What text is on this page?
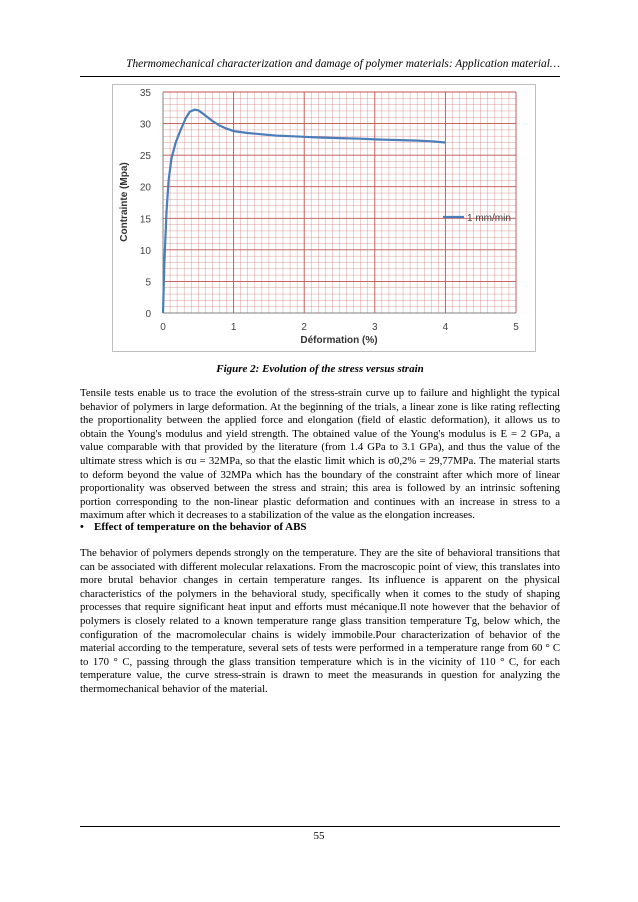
Thermomechanical characterization and damage of polymer materials: Application material…
0	1	2	3	4	5
0
5
10
15
20
25
30
35
1 mm/min
Contrainte (Mpa)
Déformation (%)
Figure 2: Evolution of the stress versus strain
Tensile tests enable us to trace the evolution of the stress-strain curve up to failure and highlight the typical behavior of polymers in large deformation. At the beginning of the trials, a linear zone is like rating reflecting the proportionality between the applied force and elongation (field of elastic deformation), it allows us to obtain the Young's modulus and yield strength. The obtained value of the Young's modulus is E = 2 GPa, a value comparable with that provided by the literature (from 1.4 GPa to 3.1 GPa), and thus the value of the ultimate stress which is σu = 32MPa, so that the elastic limit which is σ0,2% = 29,77MPa. The material starts to deform beyond the value of 32MPa which has the boundary of the constraint after which more of linear proportionality was observed between the stress and strain; this area is followed by an intrinsic softening portion corresponding to the non-linear plastic deformation and continues with an increase in stress to a maximum after which it decreases to a stabilization of the value as the elongation increases.
• Effect of temperature on the behavior of ABS
The behavior of polymers depends strongly on the temperature. They are the site of behavioral transitions that can be associated with different molecular relaxations. From the macroscopic point of view, this translates into more brutal behavior changes in certain temperature ranges. Its influence is apparent on the physical characteristics of the polymers in the behavioral study, specifically when it comes to the study of shaping processes that require significant heat input and efforts must mécanique.Il note however that the behavior of polymers is closely related to a known temperature range glass transition temperature Tg, below which, the configuration of the macromolecular chains is widely immobile.Pour characterization of behavior of the material according to the temperature, several sets of tests were performed in a temperature range from 60 ° C to 170 ° C, passing through the glass transition temperature which is in the vicinity of 110 ° C, for each temperature value, the curve stress-strain is drawn to meet the measurands in question for analyzing the thermomechanical behavior of the material.
55
